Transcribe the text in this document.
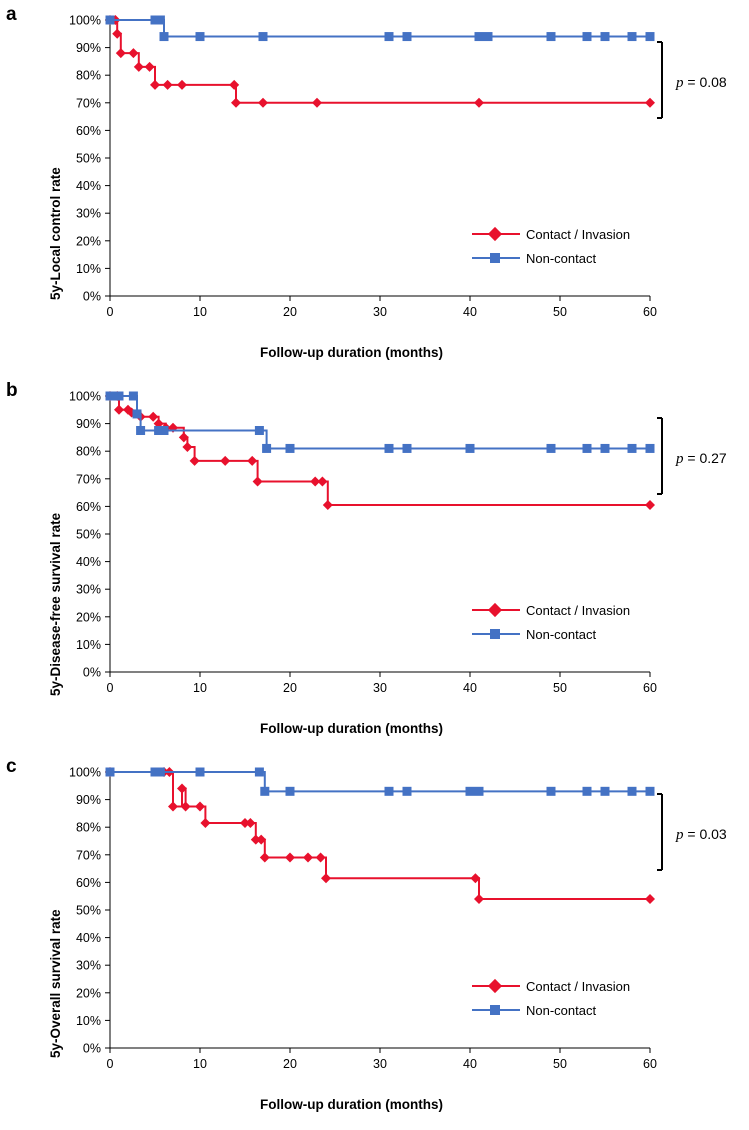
a
0%
10%
20%
30%
40%
50%
60%
70%
80%
90%
100%
0	10	20	30	40	50	60
5y-Local control rate
Follow-up duration (months)
p = 0.08
Contact / Invasion
Non-contact
b
0%
10%
20%
30%
40%
50%
60%
70%
80%
90%
100%
0	10	20	30	40	50	60
5y-Disease-free survival rate
Follow-up duration (months)
p = 0.27
Contact / Invasion
Non-contact
c
0%
10%
20%
30%
40%
50%
60%
70%
80%
90%
100%
0	10	20	30	40	50	60
5y-Overall survival rate
Follow-up duration (months)
p = 0.03
Contact / Invasion
Non-contact
